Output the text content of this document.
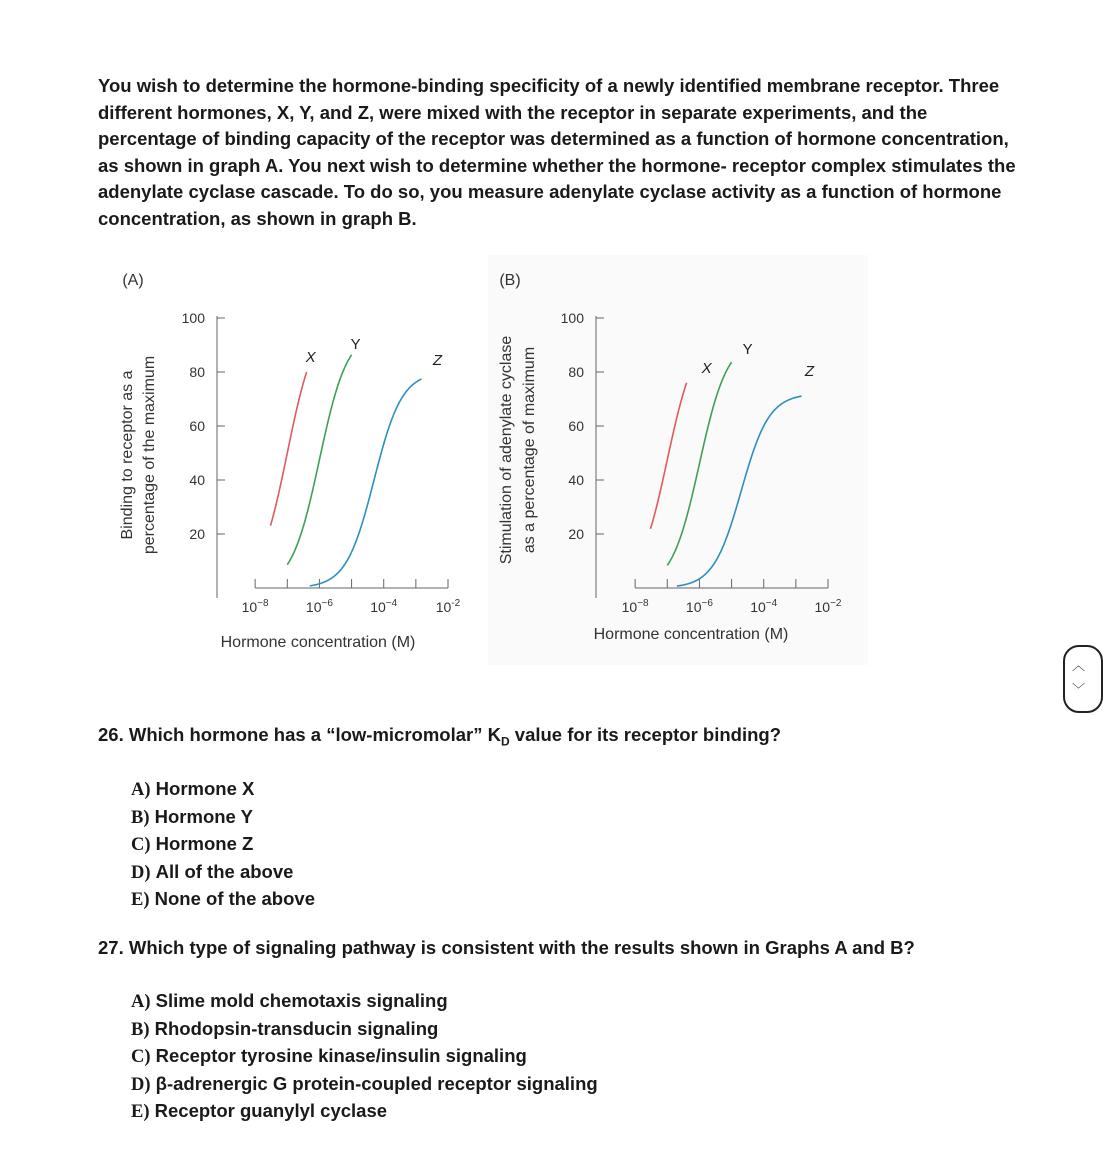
You wish to determine the hormone-binding specificity of a newly identified membrane receptor. Three different hormones, X, Y, and Z, were mixed with the receptor in separate experiments, and the percentage of binding capacity of the receptor was determined as a function of hormone concentration, as shown in graph A. You next wish to determine whether the hormone- receptor complex stimulates the adenylate cyclase cascade. To do so, you measure adenylate cyclase activity as a function of hormone concentration, as shown in graph B.

(A)
20
40
60
80
100
$10^{-8}$	$10^{-6}$	$10^{-4}$	$10^{-2}$
Hormone concentration (M)
Binding to receptor as a percentage of the maximum	X
Y
Z
(B)
20
40
60
80
100
$10^{-8}$	$10^{-6}$	$10^{-4}$	$10^{-2}$
Hormone concentration (M)
Stimulation of adenylate cyclase as a percentage of maximum	X
Y
Z

26. Which hormone has a “low-micromolar” $K_D$ value for its receptor binding?

A) Hormone X
B) Hormone Y
C) Hormone Z
D) All of the above
E) None of the above

27. Which type of signaling pathway is consistent with the results shown in Graphs A and B?

A) Slime mold chemotaxis signaling
B) Rhodopsin-transducin signaling
C) Receptor tyrosine kinase/insulin signaling
D) β-adrenergic G protein-coupled receptor signaling
E) Receptor guanylyl cyclase
︿
﹀
